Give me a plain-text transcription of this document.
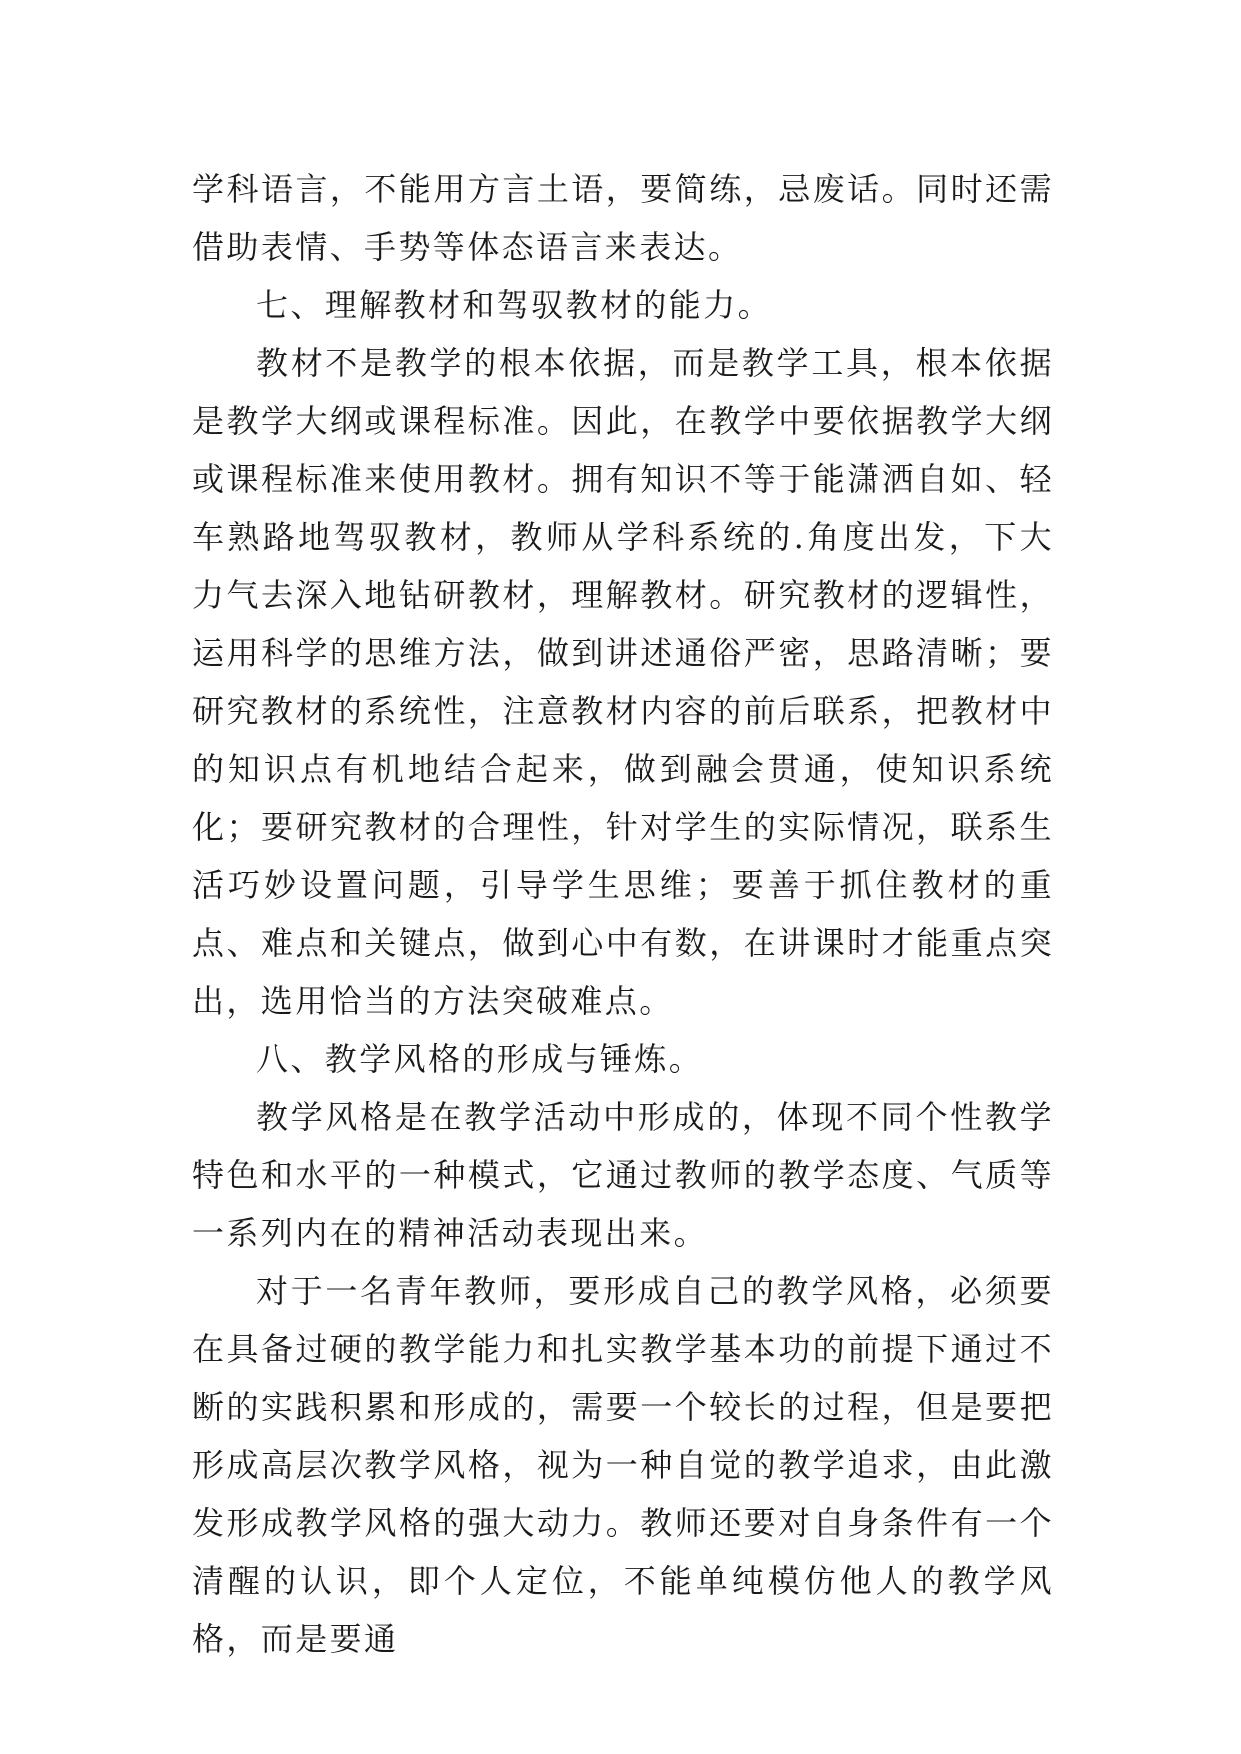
学科语言，不能用方言土语，要简练，忌废话。同时还需借助表情、手势等体态语言来表达。

七、理解教材和驾驭教材的能力。

教材不是教学的根本依据，而是教学工具，根本依据是教学大纲或课程标准。因此，在教学中要依据教学大纲或课程标准来使用教材。拥有知识不等于能潇洒自如、轻车熟路地驾驭教材，教师从学科系统的.角度出发，下大力气去深入地钻研教材，理解教材。研究教材的逻辑性，运用科学的思维方法，做到讲述通俗严密，思路清晰；要研究教材的系统性，注意教材内容的前后联系，把教材中的知识点有机地结合起来，做到融会贯通，使知识系统化；要研究教材的合理性，针对学生的实际情况，联系生活巧妙设置问题，引导学生思维；要善于抓住教材的重点、难点和关键点，做到心中有数，在讲课时才能重点突出，选用恰当的方法突破难点。

八、教学风格的形成与锤炼。

教学风格是在教学活动中形成的，体现不同个性教学特色和水平的一种模式，它通过教师的教学态度、气质等一系列内在的精神活动表现出来。

对于一名青年教师，要形成自己的教学风格，必须要在具备过硬的教学能力和扎实教学基本功的前提下通过不断的实践积累和形成的，需要一个较长的过程，但是要把形成高层次教学风格，视为一种自觉的教学追求，由此激发形成教学风格的强大动力。教师还要对自身条件有一个清醒的认识，即个人定位，不能单纯模仿他人的教学风格，而是要通
